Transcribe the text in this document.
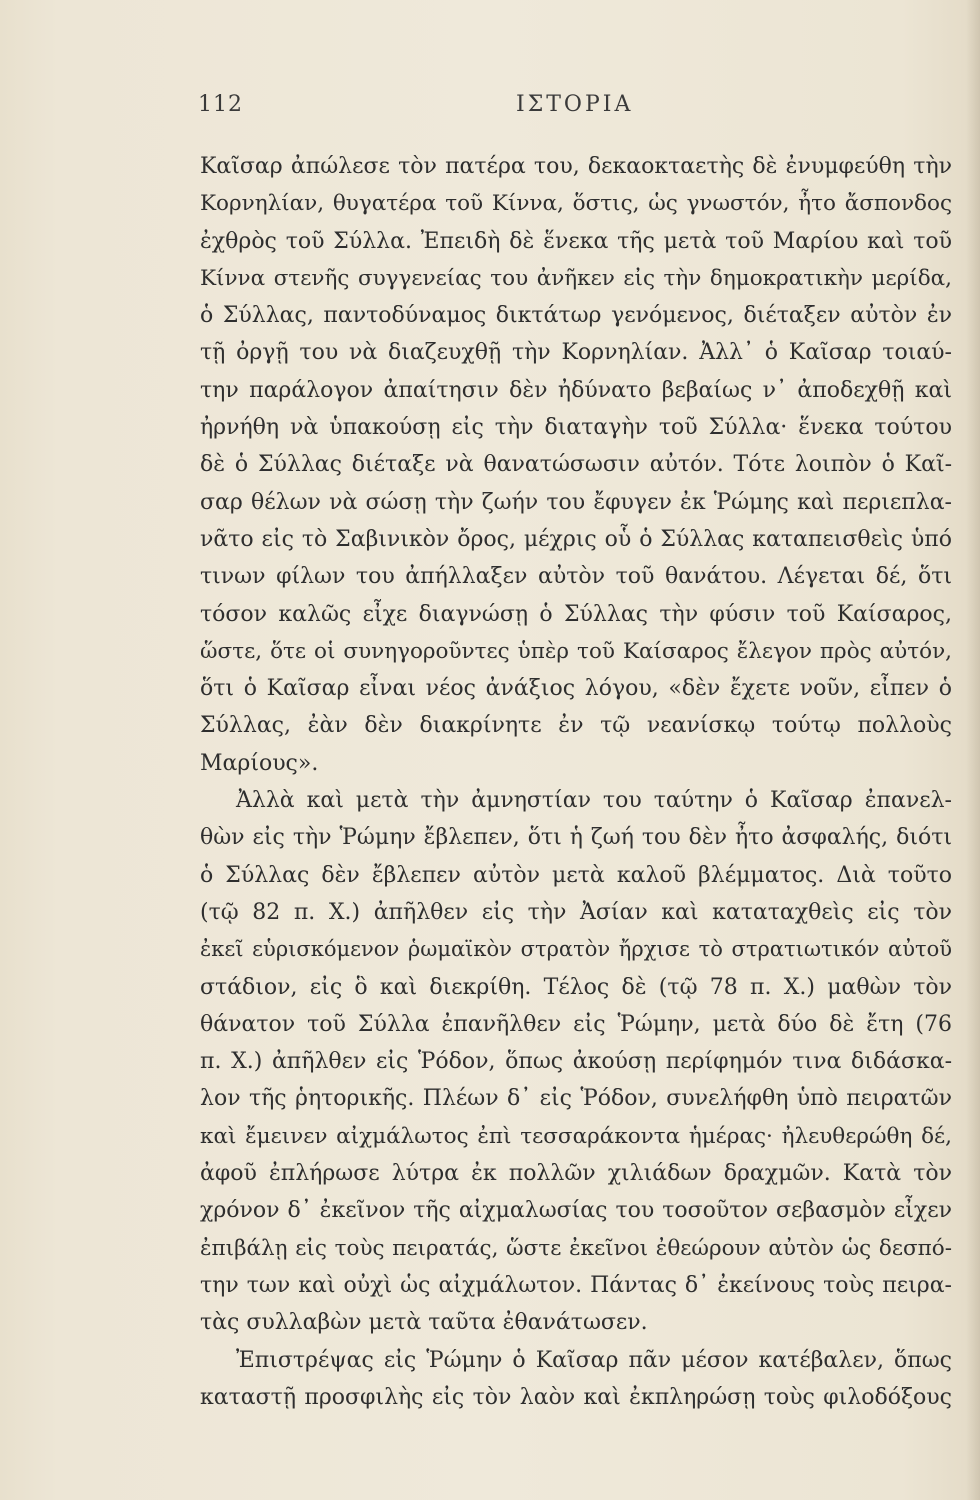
112	ΙΣΤΟΡΙΑ
Καῖσαρ ἀπώλεσε τὸν πατέρα του, δεκαοκταετὴς δὲ ἐνυμφεύθη τὴν
Κορνηλίαν, θυγατέρα τοῦ Κίννα, ὅστις, ὡς γνωστόν, ἦτο ἄσπονδος
ἐχθρὸς τοῦ Σύλλα. Ἐπειδὴ δὲ ἕνεκα τῆς μετὰ τοῦ Μαρίου καὶ τοῦ
Κίννα στενῆς συγγενείας του ἀνῆκεν εἰς τὴν δημοκρατικὴν μερίδα,
ὁ Σύλλας, παντοδύναμος δικτάτωρ γενόμενος, διέταξεν αὐτὸν ἐν
τῇ ὀργῇ του νὰ διαζευχθῇ τὴν Κορνηλίαν. Ἀλλ᾽ ὁ Καῖσαρ τοιαύ-
την παράλογον ἀπαίτησιν δὲν ἠδύνατο βεβαίως ν᾽ ἀποδεχθῇ καὶ
ἠρνήθη νὰ ὑπακούσῃ εἰς τὴν διαταγὴν τοῦ Σύλλα· ἕνεκα τούτου
δὲ ὁ Σύλλας διέταξε νὰ θανατώσωσιν αὐτόν. Τότε λοιπὸν ὁ Καῖ-
σαρ θέλων νὰ σώσῃ τὴν ζωήν του ἔφυγεν ἐκ Ῥώμης καὶ περιεπλα-
νᾶτο εἰς τὸ Σαβινικὸν ὄρος, μέχρις οὗ ὁ Σύλλας καταπεισθεὶς ὑπό
τινων φίλων του ἀπήλλαξεν αὐτὸν τοῦ θανάτου. Λέγεται δέ, ὅτι
τόσον καλῶς εἶχε διαγνώσῃ ὁ Σύλλας τὴν φύσιν τοῦ Καίσαρος,
ὥστε, ὅτε οἱ συνηγοροῦντες ὑπὲρ τοῦ Καίσαρος ἔλεγον πρὸς αὐτόν,
ὅτι ὁ Καῖσαρ εἶναι νέος ἀνάξιος λόγου, «δὲν ἔχετε νοῦν, εἶπεν ὁ
Σύλλας, ἐὰν δὲν διακρίνητε ἐν τῷ νεανίσκῳ τούτῳ πολλοὺς
Μαρίους».
Ἀλλὰ καὶ μετὰ τὴν ἀμνηστίαν του ταύτην ὁ Καῖσαρ ἐπανελ-
θὼν εἰς τὴν Ῥώμην ἔβλεπεν, ὅτι ἡ ζωή του δὲν ἦτο ἀσφαλής, διότι
ὁ Σύλλας δὲν ἔβλεπεν αὐτὸν μετὰ καλοῦ βλέμματος. Διὰ τοῦτο
(τῷ 82 π. Χ.) ἀπῆλθεν εἰς τὴν Ἀσίαν καὶ καταταχθεὶς εἰς τὸν
ἐκεῖ εὑρισκόμενον ῥωμαϊκὸν στρατὸν ἤρχισε τὸ στρατιωτικόν αὐτοῦ
στάδιον, εἰς ὃ καὶ διεκρίθη. Τέλος δὲ (τῷ 78 π. Χ.) μαθὼν τὸν
θάνατον τοῦ Σύλλα ἐπανῆλθεν εἰς Ῥώμην, μετὰ δύο δὲ ἔτη (76
π. Χ.) ἀπῆλθεν εἰς Ῥόδον, ὅπως ἀκούσῃ περίφημόν τινα διδάσκα-
λον τῆς ῥητορικῆς. Πλέων δ᾽ εἰς Ῥόδον, συνελήφθη ὑπὸ πειρατῶν
καὶ ἔμεινεν αἰχμάλωτος ἐπὶ τεσσαράκοντα ἡμέρας· ἠλευθερώθη δέ,
ἀφοῦ ἐπλήρωσε λύτρα ἐκ πολλῶν χιλιάδων δραχμῶν. Κατὰ τὸν
χρόνον δ᾽ ἐκεῖνον τῆς αἰχμαλωσίας του τοσοῦτον σεβασμὸν εἶχεν
ἐπιβάλῃ εἰς τοὺς πειρατάς, ὥστε ἐκεῖνοι ἐθεώρουν αὐτὸν ὡς δεσπό-
την των καὶ οὐχὶ ὡς αἰχμάλωτον. Πάντας δ᾽ ἐκείνους τοὺς πειρα-
τὰς συλλαβὼν μετὰ ταῦτα ἐθανάτωσεν.
Ἐπιστρέψας εἰς Ῥώμην ὁ Καῖσαρ πᾶν μέσον κατέβαλεν, ὅπως
καταστῇ προσφιλὴς εἰς τὸν λαὸν καὶ ἐκπληρώσῃ τοὺς φιλοδόξους
